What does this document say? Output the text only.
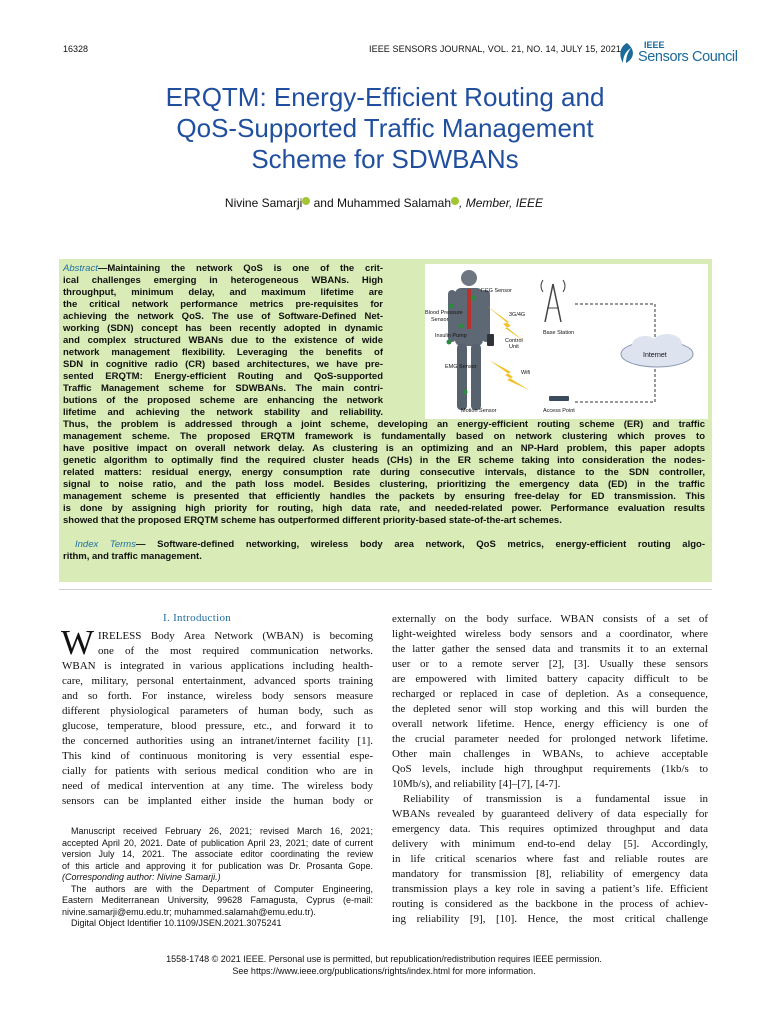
16328	IEEE SENSORS JOURNAL, VOL. 21, NO. 14, JULY 15, 2021	IEEE
Sensors Council
ERQTM: Energy-Efficient Routing and
QoS-Supported Traffic Management
Scheme for SDWBANs
Nivine Samarji and Muhammed Salamah , Member, IEEE
Abstract—Maintaining the network QoS is one of the crit-
ical challenges emerging in heterogeneous WBANs. High
throughput, minimum delay, and maximum lifetime are
the critical network performance metrics pre-requisites for
achieving the network QoS. The use of Software-Defined Net-
working (SDN) concept has been recently adopted in dynamic
and complex structured WBANs due to the existence of wide
network management flexibility. Leveraging the benefits of
SDN in cognitive radio (CR) based architectures, we have pre-
sented ERQTM: Energy-efficient Routing and QoS-supported
Traffic Management scheme for SDWBANs. The main contri-
butions of the proposed scheme are enhancing the network
lifetime and achieving the network stability and reliability.
Thus, the problem is addressed through a joint scheme, developing an energy-efficient routing scheme (ER) and traffic
management scheme. The proposed ERQTM framework is fundamentally based on network clustering which proves to
have positive impact on overall network delay. As clustering is an optimizing and an NP-Hard problem, this paper adopts
genetic algorithm to optimally find the required cluster heads (CHs) in the ER scheme taking into consideration the nodes-
related matters: residual energy, energy consumption rate during consecutive intervals, distance to the SDN controller,
signal to noise ratio, and the path loss model. Besides clustering, prioritizing the emergency data (ED) in the traffic
management scheme is presented that efficiently handles the packets by ensuring free-delay for ED transmission. This
is done by assigning high priority for routing, high data rate, and needed-related power. Performance evaluation results
showed that the proposed ERQTM scheme has outperformed different priority-based state-of-the-art schemes.
Index Terms— Software-defined networking, wireless body area network, QoS metrics, energy-efficient routing algo-
rithm, and traffic management.
ECG Sensor
Blood Pressure
Sensor
Insulin Pump
Control
Unit
EMG Sensor
Motion Sensor
Wifi
3G/4G
Base Station
Internet
Access Point
I. Introduction
W IRELESS Body Area Network (WBAN) is becoming
one of the most required communication networks.
WBAN is integrated in various applications including health-
care, military, personal entertainment, advanced sports training
and so forth. For instance, wireless body sensors measure
different physiological parameters of human body, such as
glucose, temperature, blood pressure, etc., and forward it to
the concerned authorities using an intranet/internet facility [1].
This kind of continuous monitoring is very essential espe-
cially for patients with serious medical condition who are in
need of medical intervention at any time. The wireless body
sensors can be implanted either inside the human body or
 Manuscript received February 26, 2021; revised March 16, 2021;
accepted April 20, 2021. Date of publication April 23, 2021; date of current
version July 14, 2021. The associate editor coordinating the review
of this article and approving it for publication was Dr. Prosanta Gope.
(Corresponding author: Nivine Samarji.)
 The authors are with the Department of Computer Engineering,
Eastern Mediterranean University, 99628 Famagusta, Cyprus (e-mail:
nivine.samarji@emu.edu.tr; muhammed.salamah@emu.edu.tr).
 Digital Object Identifier 10.1109/JSEN.2021.3075241
externally on the body surface. WBAN consists of a set of
light-weighted wireless body sensors and a coordinator, where
the latter gather the sensed data and transmits it to an external
user or to a remote server [2], [3]. Usually these sensors
are empowered with limited battery capacity difficult to be
recharged or replaced in case of depletion. As a consequence,
the depleted senor will stop working and this will burden the
overall network lifetime. Hence, energy efficiency is one of
the crucial parameter needed for prolonged network lifetime.
Other main challenges in WBANs, to achieve acceptable
QoS levels, include high throughput requirements (1kb/s to
10Mb/s), and reliability [4]–[7], [4-7].
 Reliability of transmission is a fundamental issue in
WBANs revealed by guaranteed delivery of data especially for
emergency data. This requires optimized throughput and data
delivery with minimum end-to-end delay [5]. Accordingly,
in life critical scenarios where fast and reliable routes are
mandatory for transmission [8], reliability of emergency data
transmission plays a key role in saving a patient’s life. Efficient
routing is considered as the backbone in the process of achiev-
ing reliability [9], [10]. Hence, the most critical challenge
1558-1748 © 2021 IEEE. Personal use is permitted, but republication/redistribution requires IEEE permission.
See https://www.ieee.org/publications/rights/index.html for more information.
